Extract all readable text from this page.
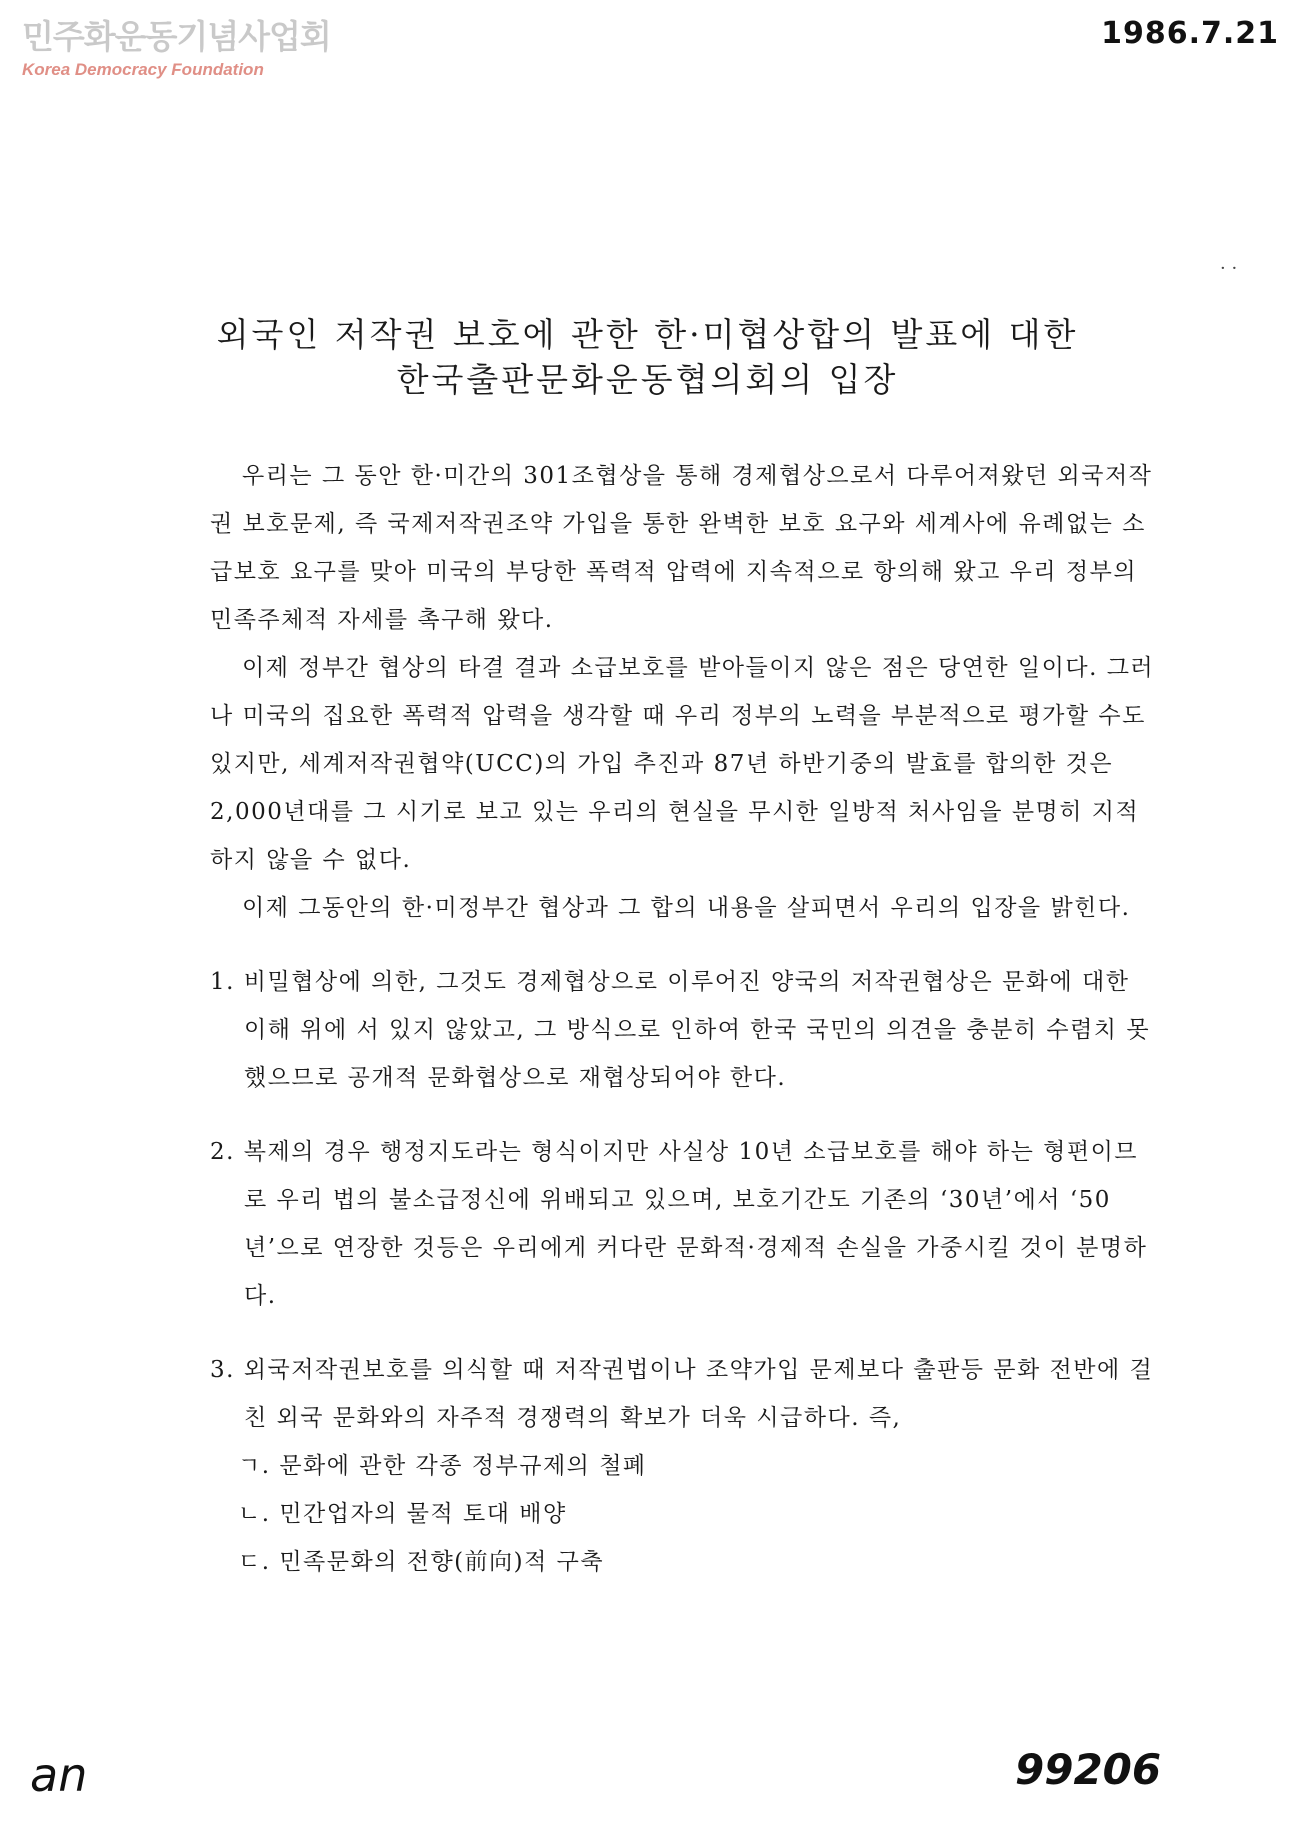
민주화운동기념사업회
Korea Democracy Foundation
1986.7.21
· ·
외국인 저작권 보호에 관한 한·미협상합의 발표에 대한
한국출판문화운동협의회의 입장

우리는 그 동안 한·미간의 301조협상을 통해 경제협상으로서 다루어져왔던 외국저작권 보호문제, 즉 국제저작권조약 가입을 통한 완벽한 보호 요구와 세계사에 유례없는 소급보호 요구를 맞아 미국의 부당한 폭력적 압력에 지속적으로 항의해 왔고 우리 정부의 민족주체적 자세를 촉구해 왔다.

이제 정부간 협상의 타결 결과 소급보호를 받아들이지 않은 점은 당연한 일이다. 그러나 미국의 집요한 폭력적 압력을 생각할 때 우리 정부의 노력을 부분적으로 평가할 수도 있지만, 세계저작권협약(UCC)의 가입 추진과 87년 하반기중의 발효를 합의한 것은 2,000년대를 그 시기로 보고 있는 우리의 현실을 무시한 일방적 처사임을 분명히 지적하지 않을 수 없다.

이제 그동안의 한·미정부간 협상과 그 합의 내용을 살피면서 우리의 입장을 밝힌다.

1. 비밀협상에 의한, 그것도 경제협상으로 이루어진 양국의 저작권협상은 문화에 대한 이해 위에 서 있지 않았고, 그 방식으로 인하여 한국 국민의 의견을 충분히 수렴치 못했으므로 공개적 문화협상으로 재협상되어야 한다.

2. 복제의 경우 행정지도라는 형식이지만 사실상 10년 소급보호를 해야 하는 형편이므로 우리 법의 불소급정신에 위배되고 있으며, 보호기간도 기존의 ‘30년’에서 ‘50년’으로 연장한 것등은 우리에게 커다란 문화적·경제적 손실을 가중시킬 것이 분명하다.

3. 외국저작권보호를 의식할 때 저작권법이나 조약가입 문제보다 출판등 문화 전반에 걸친 외국 문화와의 자주적 경쟁력의 확보가 더욱 시급하다. 즉,

ㄱ. 문화에 관한 각종 정부규제의 철폐

ㄴ. 민간업자의 물적 토대 배양

ㄷ. 민족문화의 전향(前向)적 구축

an	99206
